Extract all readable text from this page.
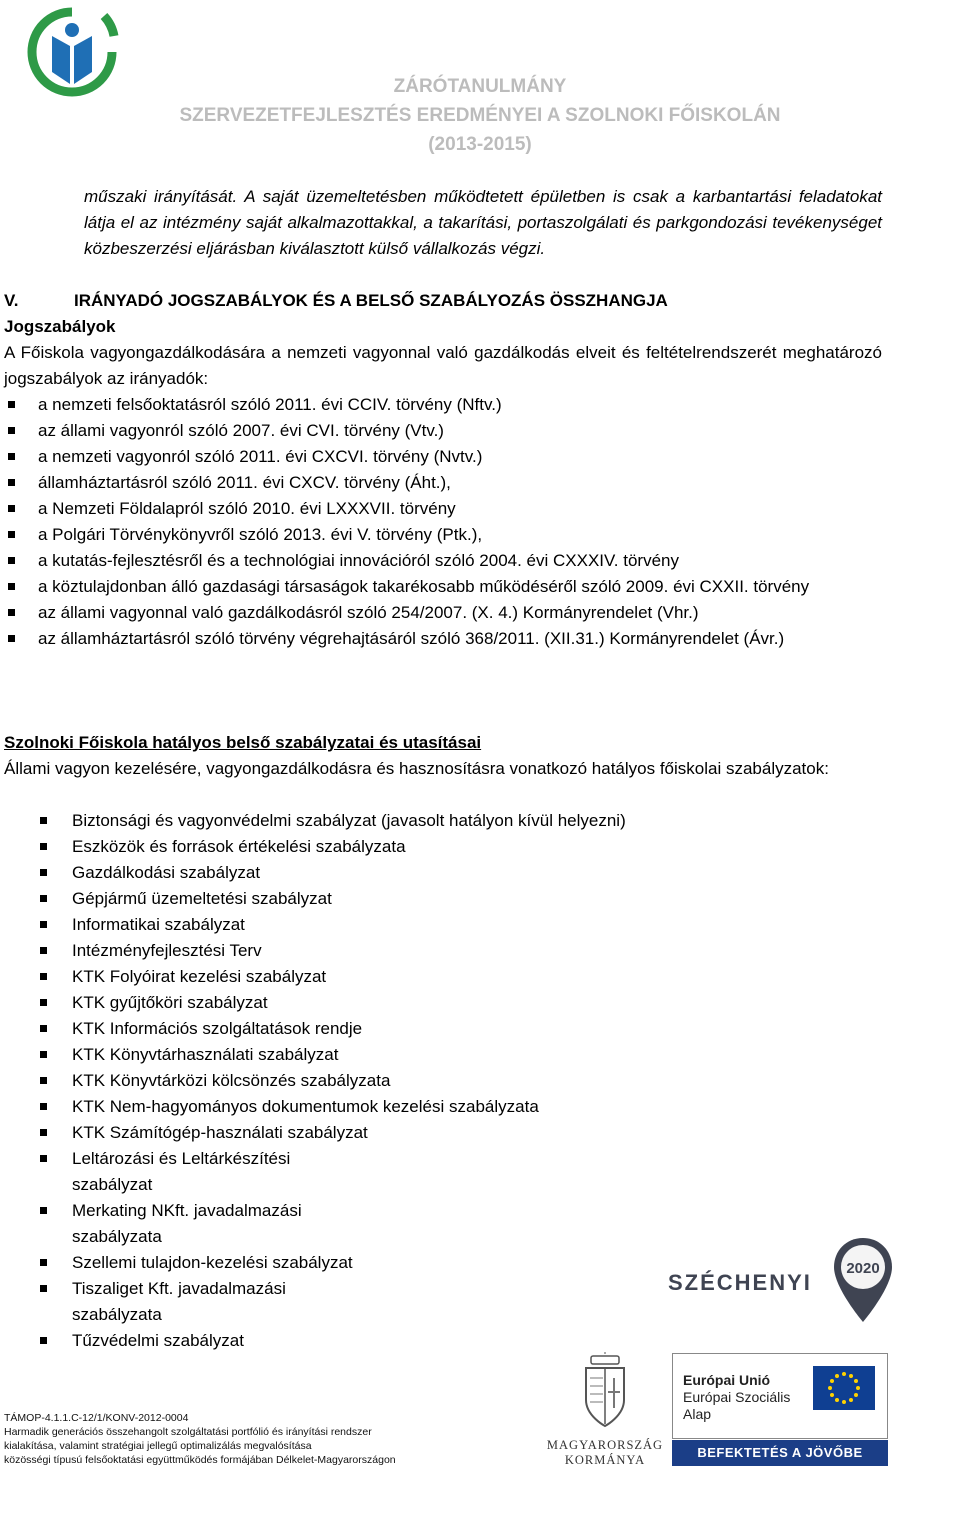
ZÁRÓTANULMÁNY
SZERVEZETFEJLESZTÉS EREDMÉNYEI A SZOLNOKI FŐISKOLÁN
(2013-2015)

műszaki irányítását. A saját üzemeltetésben működtetett épületben is csak a karbantartási feladatokat látja el az intézmény saját alkalmazottakkal, a takarítási, portaszolgálati és parkgondozási tevékenységet közbeszerzési eljárásban kiválasztott külső vállalkozás végzi.

V.	IRÁNYADÓ JOGSZABÁLYOK ÉS A BELSŐ SZABÁLYOZÁS ÖSSZHANGJA
Jogszabályok

A Főiskola vagyongazdálkodására a nemzeti vagyonnal való gazdálkodás elveit és feltételrendszerét meghatározó jogszabályok az irányadók:

a nemzeti felsőoktatásról szóló 2011. évi CCIV. törvény (Nftv.)
az állami vagyonról szóló 2007. évi CVI. törvény (Vtv.)
a nemzeti vagyonról szóló 2011. évi CXCVI. törvény (Nvtv.)
államháztartásról szóló 2011. évi CXCV. törvény (Áht.),
a Nemzeti Földalapról szóló 2010. évi LXXXVII. törvény
a Polgári Törvénykönyvről szóló 2013. évi V. törvény (Ptk.),
a kutatás-fejlesztésről és a technológiai innovációról szóló 2004. évi CXXXIV. törvény
a köztulajdonban álló gazdasági társaságok takarékosabb működéséről szóló 2009. évi CXXII. törvény
az állami vagyonnal való gazdálkodásról szóló 254/2007. (X. 4.) Kormányrendelet (Vhr.)
az államháztartásról szóló törvény végrehajtásáról szóló 368/2011. (XII.31.) Kormányrendelet (Ávr.)
Szolnoki Főiskola hatályos belső szabályzatai és utasításai

Állami vagyon kezelésére, vagyongazdálkodásra és hasznosításra vonatkozó hatályos főiskolai szabályzatok:

Biztonsági és vagyonvédelmi szabályzat (javasolt hatályon kívül helyezni)
Eszközök és források értékelési szabályzata
Gazdálkodási szabályzat
Gépjármű üzemeltetési szabályzat
Informatikai szabályzat
Intézményfejlesztési Terv
KTK Folyóirat kezelési szabályzat
KTK gyűjtőköri szabályzat
KTK Információs szolgáltatások rendje
KTK Könyvtárhasználati szabályzat
KTK Könyvtárközi kölcsönzés szabályzata
KTK Nem-hagyományos dokumentumok kezelési szabályzata
KTK Számítógép-használati szabályzat
Leltározási és Leltárkészítési szabályzat
Merkating NKft. javadalmazási szabályzata
Szellemi tulajdon-kezelési szabályzat
Tiszaliget Kft. javadalmazási szabályzata
Tűzvédelmi szabályzat
SZÉCHENYI
2020
TÁMOP-4.1.1.C-12/1/KONV-2012-0004
Harmadik generációs összehangolt szolgáltatási portfólió és irányítási rendszer
kialakítása, valamint stratégiai jellegű optimalizálás megvalósítása
közösségi típusú felsőoktatási együttműködés formájában Délkelet-Magyarországon
MAGYARORSZÁG
KORMÁNYA
Európai Unió
Európai Szociális
Alap
BEFEKTETÉS A JÖVŐBE
